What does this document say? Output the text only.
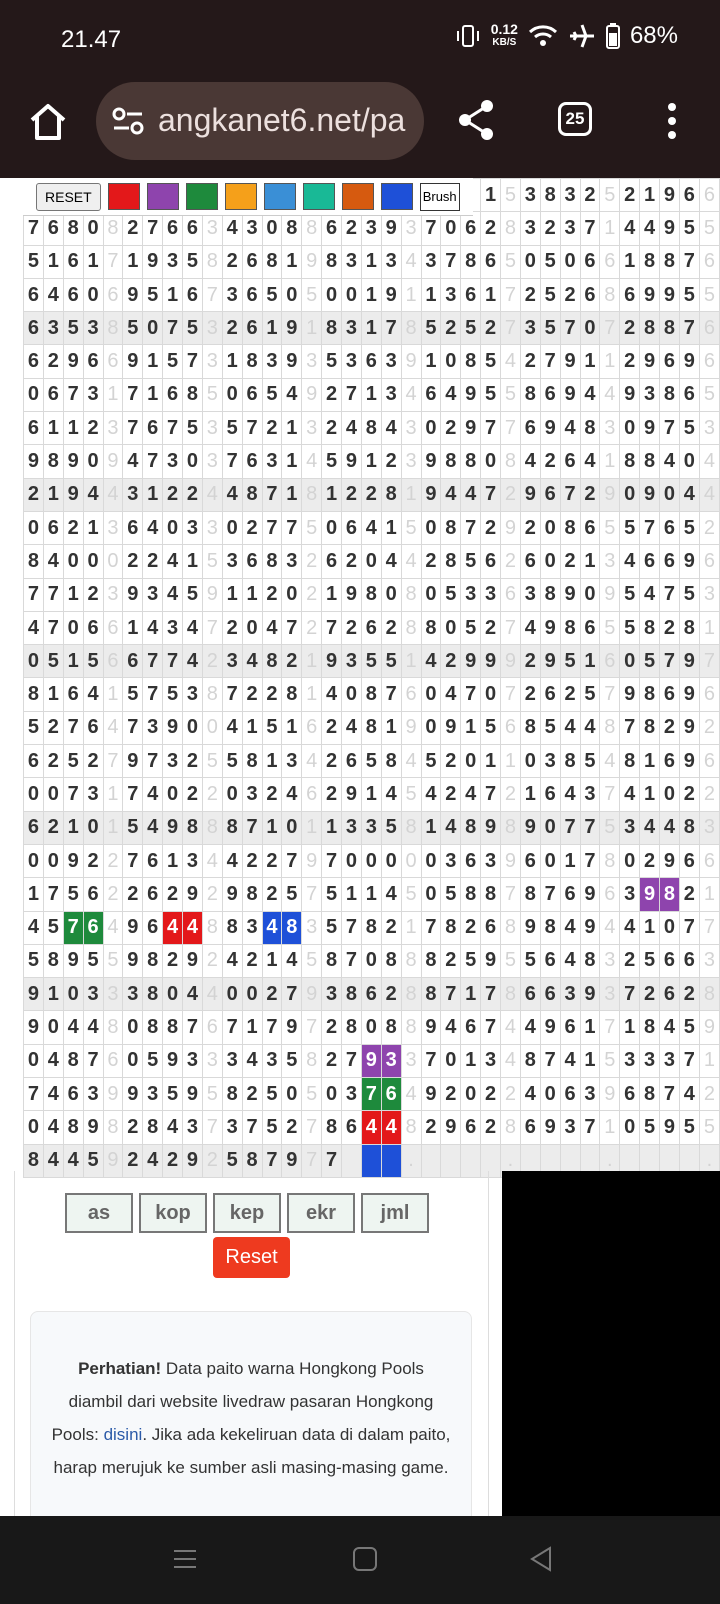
21.47	0.12
KB/S	68%
angkanet6.net/pa	25
																							1	5	3	8	3	2	5	2	1	9	6	6
7	6	8	0	8	2	7	6	6	3	4	3	0	8	8	6	2	3	9	3	7	0	6	2	8	3	2	3	7	1	4	4	9	5	5
5	1	6	1	7	1	9	3	5	8	2	6	8	1	9	8	3	1	3	4	3	7	8	6	5	0	5	0	6	6	1	8	8	7	6
6	4	6	0	6	9	5	1	6	7	3	6	5	0	5	0	0	1	9	1	1	3	6	1	7	2	5	2	6	8	6	9	9	5	5
6	3	5	3	8	5	0	7	5	3	2	6	1	9	1	8	3	1	7	8	5	2	5	2	7	3	5	7	0	7	2	8	8	7	6
6	2	9	6	6	9	1	5	7	3	1	8	3	9	3	5	3	6	3	9	1	0	8	5	4	2	7	9	1	1	2	9	6	9	6
0	6	7	3	1	7	1	6	8	5	0	6	5	4	9	2	7	1	3	4	6	4	9	5	5	8	6	9	4	4	9	3	8	6	5
6	1	1	2	3	7	6	7	5	3	5	7	2	1	3	2	4	8	4	3	0	2	9	7	7	6	9	4	8	3	0	9	7	5	3
9	8	9	0	9	4	7	3	0	3	7	6	3	1	4	5	9	1	2	3	9	8	8	0	8	4	2	6	4	1	8	8	4	0	4
2	1	9	4	4	3	1	2	2	4	4	8	7	1	8	1	2	2	8	1	9	4	4	7	2	9	6	7	2	9	0	9	0	4	4
0	6	2	1	3	6	4	0	3	3	0	2	7	7	5	0	6	4	1	5	0	8	7	2	9	2	0	8	6	5	5	7	6	5	2
8	4	0	0	0	2	2	4	1	5	3	6	8	3	2	6	2	0	4	4	2	8	5	6	2	6	0	2	1	3	4	6	6	9	6
7	7	1	2	3	9	3	4	5	9	1	1	2	0	2	1	9	8	0	8	0	5	3	3	6	3	8	9	0	9	5	4	7	5	3
4	7	0	6	6	1	4	3	4	7	2	0	4	7	2	7	2	6	2	8	8	0	5	2	7	4	9	8	6	5	5	8	2	8	1
0	5	1	5	6	6	7	7	4	2	3	4	8	2	1	9	3	5	5	1	4	2	9	9	9	2	9	5	1	6	0	5	7	9	7
8	1	6	4	1	5	7	5	3	8	7	2	2	8	1	4	0	8	7	6	0	4	7	0	7	2	6	2	5	7	9	8	6	9	6
5	2	7	6	4	7	3	9	0	0	4	1	5	1	6	2	4	8	1	9	0	9	1	5	6	8	5	4	4	8	7	8	2	9	2
6	2	5	2	7	9	7	3	2	5	5	8	1	3	4	2	6	5	8	4	5	2	0	1	1	0	3	8	5	4	8	1	6	9	6
0	0	7	3	1	7	4	0	2	2	0	3	2	4	6	2	9	1	4	5	4	2	4	7	2	1	6	4	3	7	4	1	0	2	2
6	2	1	0	1	5	4	9	8	8	8	7	1	0	1	1	3	3	5	8	1	4	8	9	8	9	0	7	7	5	3	4	4	8	3
0	0	9	2	2	7	6	1	3	4	4	2	2	7	9	7	0	0	0	0	0	3	6	3	9	6	0	1	7	8	0	2	9	6	6
1	7	5	6	2	2	6	2	9	2	9	8	2	5	7	5	1	1	4	5	0	5	8	8	7	8	7	6	9	6	3	9	8	2	1
4	5	7	6	4	9	6	4	4	8	8	3	4	8	3	5	7	8	2	1	7	8	2	6	8	9	8	4	9	4	4	1	0	7	7
5	8	9	5	5	9	8	2	9	2	4	2	1	4	5	8	7	0	8	8	8	2	5	9	5	5	6	4	8	3	2	5	6	6	3
9	1	0	3	3	3	8	0	4	4	0	0	2	7	9	3	8	6	2	8	8	7	1	7	8	6	6	3	9	3	7	2	6	2	8
9	0	4	4	8	0	8	8	7	6	7	1	7	9	7	2	8	0	8	8	9	4	6	7	4	4	9	6	1	7	1	8	4	5	9
0	4	8	7	6	0	5	9	3	3	3	4	3	5	8	2	7	9	3	3	7	0	1	3	4	8	7	4	1	5	3	3	3	7	1
7	4	6	3	9	9	3	5	9	5	8	2	5	0	5	0	3	7	6	4	9	2	0	2	2	4	0	6	3	9	6	8	7	4	2
0	4	8	9	8	2	8	4	3	7	3	7	5	2	7	8	6	4	4	8	2	9	6	2	8	6	9	3	7	1	0	5	9	5	5
8	4	4	5	9	2	4	2	9	2	5	8	7	9	7	7				.					.					.					.
RESET	Brush
as	kop	kep	ekr	jml
Reset
Perhatian! Data paito warna Hongkong Pools diambil dari website livedraw pasaran Hongkong Pools: disini. Jika ada kekeliruan data di dalam paito, harap merujuk ke sumber asli masing-masing game.
